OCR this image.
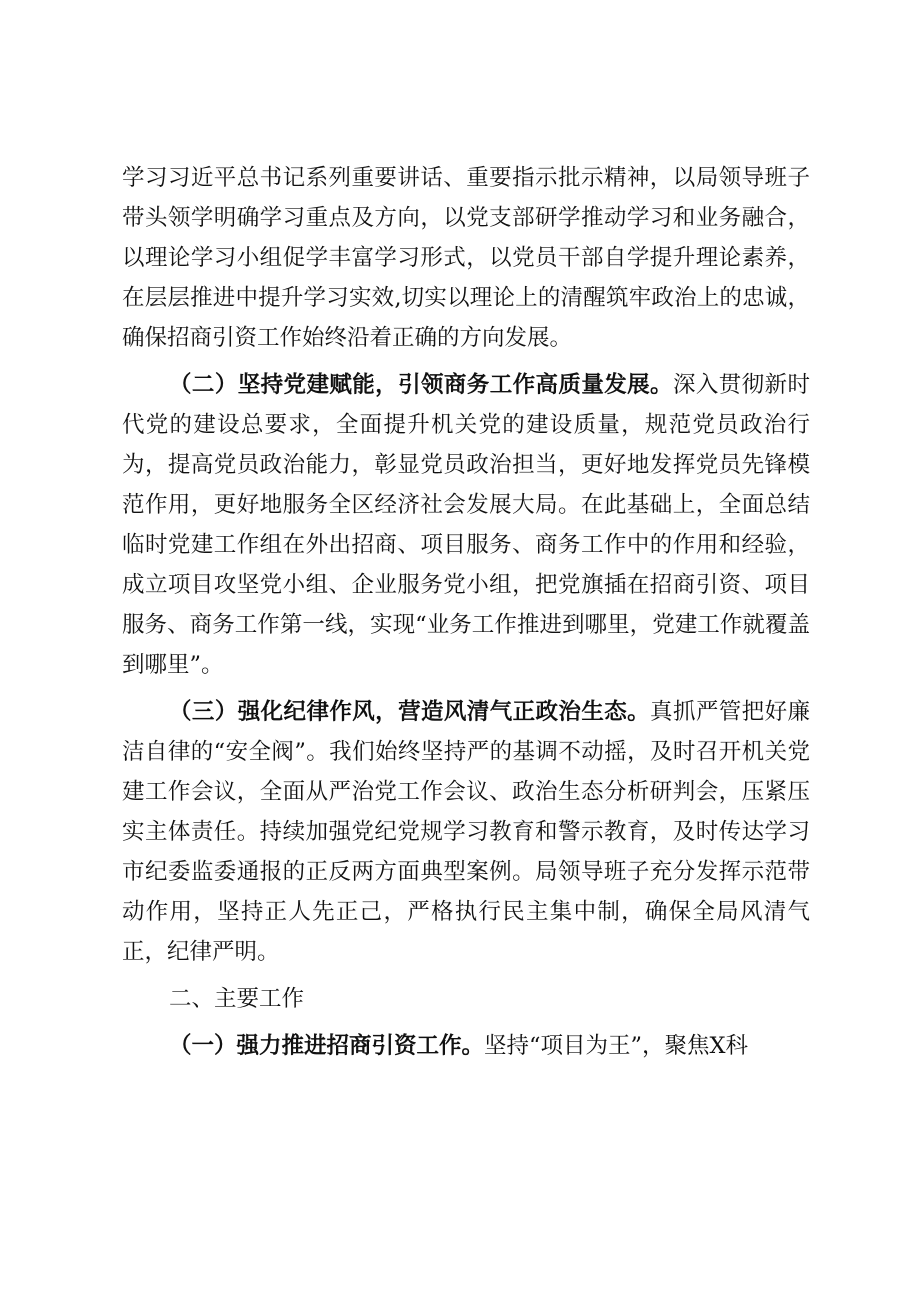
学习习近平总书记系列重要讲话、重要指示批示精神，以局领导班子带头领学明确学习重点及方向，以党支部研学推动学习和业务融合，以理论学习小组促学丰富学习形式，以党员干部自学提升理论素养，在层层推进中提升学习实效,切实以理论上的清醒筑牢政治上的忠诚，确保招商引资工作始终沿着正确的方向发展。

（二）坚持党建赋能，引领商务工作高质量发展。深入贯彻新时代党的建设总要求，全面提升机关党的建设质量，规范党员政治行为，提高党员政治能力，彰显党员政治担当，更好地发挥党员先锋模范作用，更好地服务全区经济社会发展大局。在此基础上，全面总结临时党建工作组在外出招商、项目服务、商务工作中的作用和经验，成立项目攻坚党小组、企业服务党小组，把党旗插在招商引资、项目服务、商务工作第一线，实现“业务工作推进到哪里，党建工作就覆盖到哪里”。

（三）强化纪律作风，营造风清气正政治生态。真抓严管把好廉洁自律的“安全阀”。我们始终坚持严的基调不动摇，及时召开机关党建工作会议，全面从严治党工作会议、政治生态分析研判会，压紧压实主体责任。持续加强党纪党规学习教育和警示教育，及时传达学习市纪委监委通报的正反两方面典型案例。局领导班子充分发挥示范带动作用，坚持正人先正己，严格执行民主集中制，确保全局风清气正，纪律严明。

二、主要工作

（一）强力推进招商引资工作。坚持“项目为王”，聚焦X科
